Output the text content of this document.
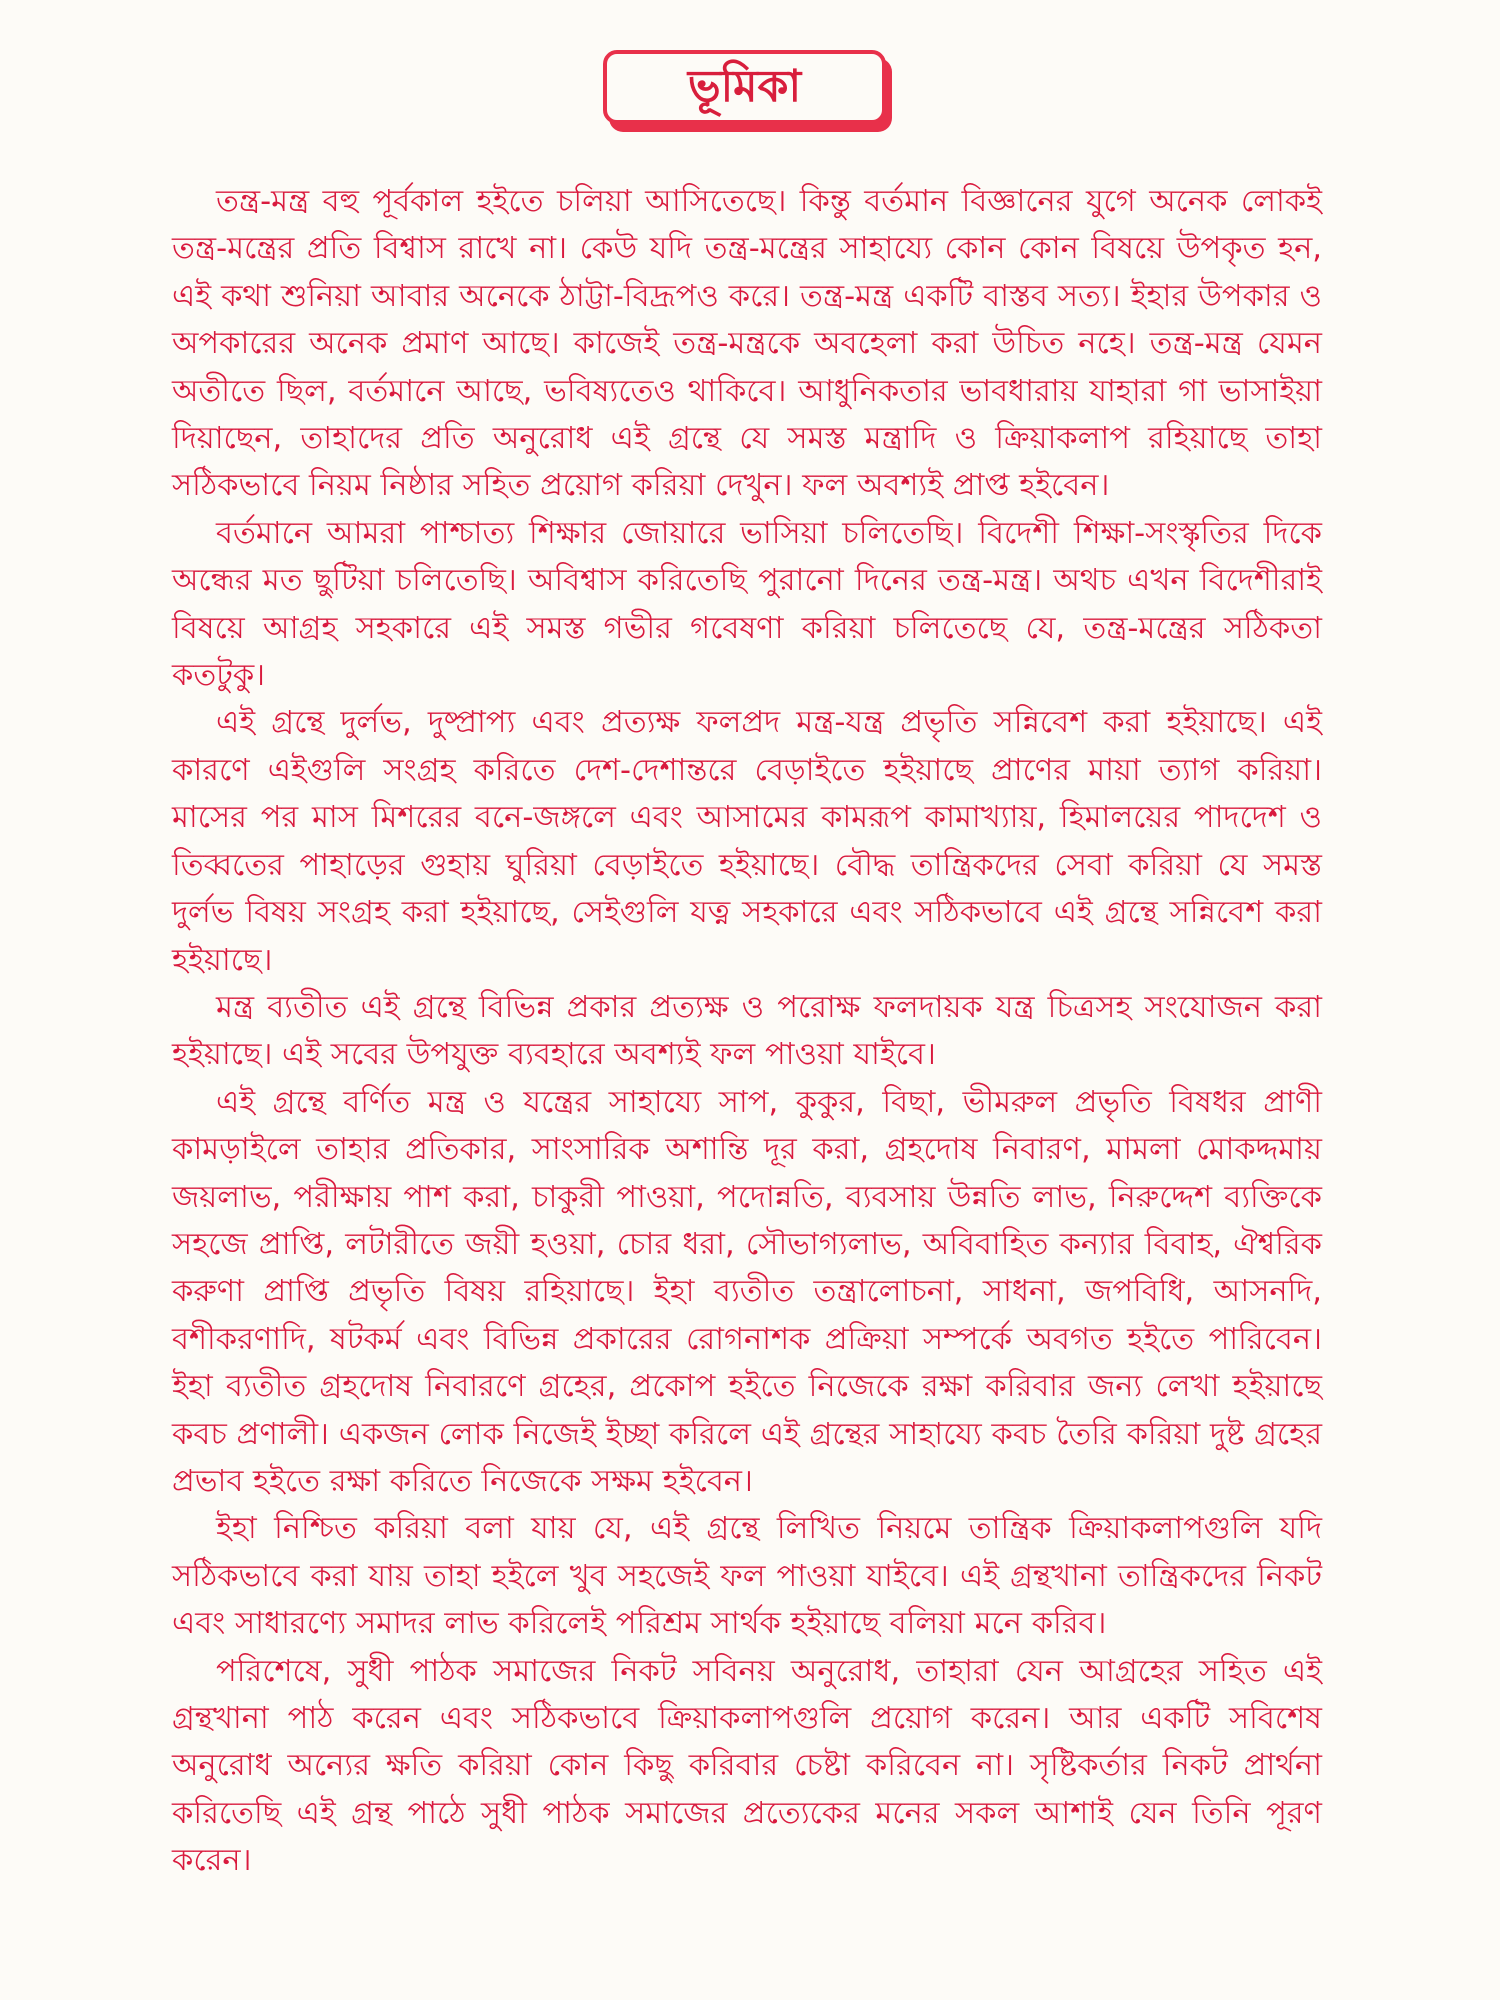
ভূমিকা

তন্ত্র-মন্ত্র বহু পূর্বকাল হইতে চলিয়া আসিতেছে। কিন্তু বর্তমান বিজ্ঞানের যুগে অনেক লোকই তন্ত্র-মন্ত্রের প্রতি বিশ্বাস রাখে না। কেউ যদি তন্ত্র-মন্ত্রের সাহায্যে কোন কোন বিষয়ে উপকৃত হন, এই কথা শুনিয়া আবার অনেকে ঠাট্টা-বিদ্রূপও করে। তন্ত্র-মন্ত্র একটি বাস্তব সত্য। ইহার উপকার ও অপকারের অনেক প্রমাণ আছে। কাজেই তন্ত্র-মন্ত্রকে অবহেলা করা উচিত নহে। তন্ত্র-মন্ত্র যেমন অতীতে ছিল, বর্তমানে আছে, ভবিষ্যতেও থাকিবে। আধুনিকতার ভাবধারায় যাহারা গা ভাসাইয়া দিয়াছেন, তাহাদের প্রতি অনুরোধ এই গ্রন্থে যে সমস্ত মন্ত্রাদি ও ক্রিয়াকলাপ রহিয়াছে তাহা সঠিকভাবে নিয়ম নিষ্ঠার সহিত প্রয়োগ করিয়া দেখুন। ফল অবশ্যই প্রাপ্ত হইবেন।

বর্তমানে আমরা পাশ্চাত্য শিক্ষার জোয়ারে ভাসিয়া চলিতেছি। বিদেশী শিক্ষা-সংস্কৃতির দিকে অন্ধের মত ছুটিয়া চলিতেছি। অবিশ্বাস করিতেছি পুরানো দিনের তন্ত্র-মন্ত্র। অথচ এখন বিদেশীরাই বিষয়ে আগ্রহ সহকারে এই সমস্ত গভীর গবেষণা করিয়া চলিতেছে যে, তন্ত্র-মন্ত্রের সঠিকতা কতটুকু।

এই গ্রন্থে দুর্লভ, দুষ্প্রাপ্য এবং প্রত্যক্ষ ফলপ্রদ মন্ত্র-যন্ত্র প্রভৃতি সন্নিবেশ করা হইয়াছে। এই কারণে এইগুলি সংগ্রহ করিতে দেশ-দেশান্তরে বেড়াইতে হইয়াছে প্রাণের মায়া ত্যাগ করিয়া। মাসের পর মাস মিশরের বনে-জঙ্গলে এবং আসামের কামরূপ কামাখ্যায়, হিমালয়ের পাদদেশ ও তিব্বতের পাহাড়ের গুহায় ঘুরিয়া বেড়াইতে হইয়াছে। বৌদ্ধ তান্ত্রিকদের সেবা করিয়া যে সমস্ত দুর্লভ বিষয় সংগ্রহ করা হইয়াছে, সেইগুলি যত্ন সহকারে এবং সঠিকভাবে এই গ্রন্থে সন্নিবেশ করা হইয়াছে।

মন্ত্র ব্যতীত এই গ্রন্থে বিভিন্ন প্রকার প্রত্যক্ষ ও পরোক্ষ ফলদায়ক যন্ত্র চিত্রসহ সংযোজন করা হইয়াছে। এই সবের উপযুক্ত ব্যবহারে অবশ্যই ফল পাওয়া যাইবে।

এই গ্রন্থে বর্ণিত মন্ত্র ও যন্ত্রের সাহায্যে সাপ, কুকুর, বিছা, ভীমরুল প্রভৃতি বিষধর প্রাণী কামড়াইলে তাহার প্রতিকার, সাংসারিক অশান্তি দূর করা, গ্রহদোষ নিবারণ, মামলা মোকদ্দমায় জয়লাভ, পরীক্ষায় পাশ করা, চাকুরী পাওয়া, পদোন্নতি, ব্যবসায় উন্নতি লাভ, নিরুদ্দেশ ব্যক্তিকে সহজে প্রাপ্তি, লটারীতে জয়ী হওয়া, চোর ধরা, সৌভাগ্যলাভ, অবিবাহিত কন্যার বিবাহ, ঐশ্বরিক করুণা প্রাপ্তি প্রভৃতি বিষয় রহিয়াছে। ইহা ব্যতীত তন্ত্রালোচনা, সাধনা, জপবিধি, আসনদি, বশীকরণাদি, ষটকর্ম এবং বিভিন্ন প্রকারের রোগনাশক প্রক্রিয়া সম্পর্কে অবগত হইতে পারিবেন। ইহা ব্যতীত গ্রহদোষ নিবারণে গ্রহের, প্রকোপ হইতে নিজেকে রক্ষা করিবার জন্য লেখা হইয়াছে কবচ প্রণালী। একজন লোক নিজেই ইচ্ছা করিলে এই গ্রন্থের সাহায্যে কবচ তৈরি করিয়া দুষ্ট গ্রহের প্রভাব হইতে রক্ষা করিতে নিজেকে সক্ষম হইবেন।

ইহা নিশ্চিত করিয়া বলা যায় যে, এই গ্রন্থে লিখিত নিয়মে তান্ত্রিক ক্রিয়াকলাপগুলি যদি সঠিকভাবে করা যায় তাহা হইলে খুব সহজেই ফল পাওয়া যাইবে। এই গ্রন্থখানা তান্ত্রিকদের নিকট এবং সাধারণ্যে সমাদর লাভ করিলেই পরিশ্রম সার্থক হইয়াছে বলিয়া মনে করিব।

পরিশেষে, সুধী পাঠক সমাজের নিকট সবিনয় অনুরোধ, তাহারা যেন আগ্রহের সহিত এই গ্রন্থখানা পাঠ করেন এবং সঠিকভাবে ক্রিয়াকলাপগুলি প্রয়োগ করেন। আর একটি সবিশেষ অনুরোধ অন্যের ক্ষতি করিয়া কোন কিছু করিবার চেষ্টা করিবেন না। সৃষ্টিকর্তার নিকট প্রার্থনা করিতেছি এই গ্রন্থ পাঠে সুধী পাঠক সমাজের প্রত্যেকের মনের সকল আশাই যেন তিনি পূরণ করেন।
